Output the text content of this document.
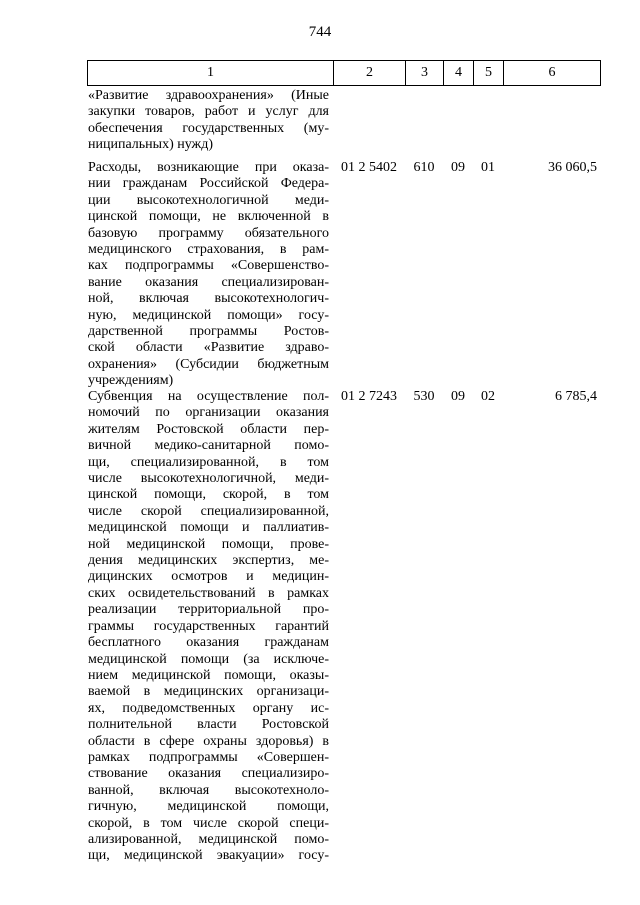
744
1	2	3	4	5	6
«Развитие здравоохранения» (Иные
закупки товаров, работ и услуг для
обеспечения государственных (му-
ниципальных) нужд)
Расходы, возникающие при оказа-
нии гражданам Российской Федера-
ции высокотехнологичной меди-
цинской помощи, не включенной в
базовую программу обязательного
медицинского страхования, в рам-
ках подпрограммы «Совершенство-
вание оказания специализирован-
ной, включая высокотехнологич-
ную, медицинской помощи» госу-
дарственной программы Ростов-
ской области «Развитие здраво-
охранения» (Субсидии бюджетным
учреждениям)
01 2 5402	610	09	01	36 060,5
Субвенция на осуществление пол-
номочий по организации оказания
жителям Ростовской области пер-
вичной медико-санитарной помо-
щи, специализированной, в том
числе высокотехнологичной, меди-
цинской помощи, скорой, в том
числе скорой специализированной,
медицинской помощи и паллиатив-
ной медицинской помощи, прове-
дения медицинских экспертиз, ме-
дицинских осмотров и медицин-
ских освидетельствований в рамках
реализации территориальной про-
граммы государственных гарантий
бесплатного оказания гражданам
медицинской помощи (за исключе-
нием медицинской помощи, оказы-
ваемой в медицинских организаци-
ях, подведомственных органу ис-
полнительной власти Ростовской
области в сфере охраны здоровья) в
рамках подпрограммы «Совершен-
ствование оказания специализиро-
ванной, включая высокотехноло-
гичную, медицинской помощи,
скорой, в том числе скорой специ-
ализированной, медицинской помо-
щи, медицинской эвакуации» госу-
01 2 7243	530	09	02	6 785,4
